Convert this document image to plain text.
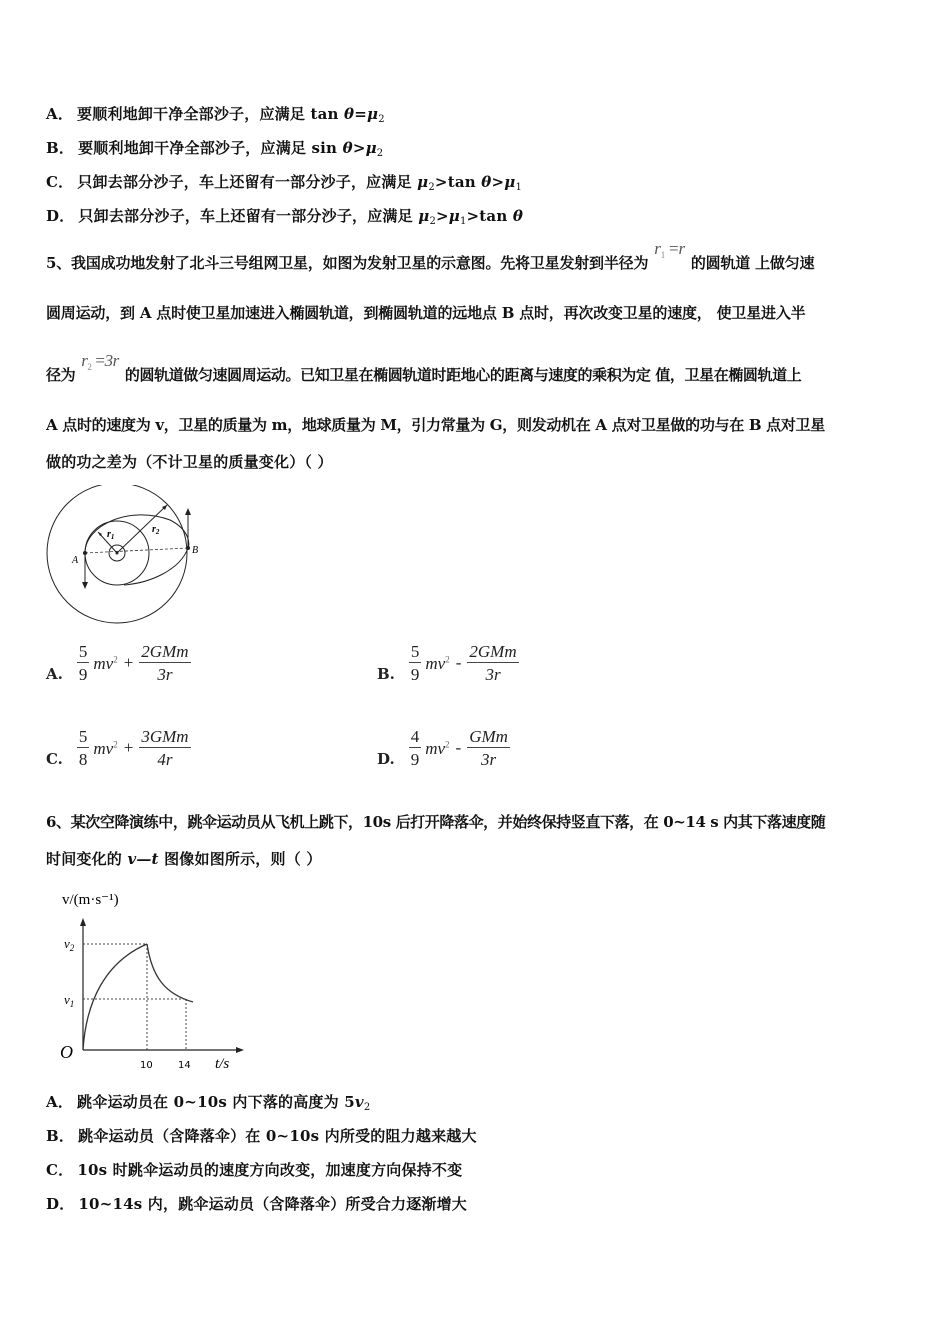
A． 要顺利地卸干净全部沙子，应满足 $\tan \theta=\mu_2$
B． 要顺利地卸干净全部沙子，应满足 $\sin \theta>\mu_2$
C． 只卸去部分沙子，车上还留有一部分沙子，应满足 $\mu_2>\tan$ $\theta>\mu_1$
D． 只卸去部分沙子，车上还留有一部分沙子，应满足 $\mu_2>\mu_1>\tan$ θ
5、我国成功地发射了北斗三号组网卫星，如图为发射卫星的示意图。先将卫星发射到半径为$r_1 =r$的圆轨道 上做匀速
圆周运动，到 A 点时使卫星加速进入椭圆轨道，到椭圆轨道的远地点 B 点时，再次改变卫星的速度， 使卫星进入半
径为$r_2 =3r$的圆轨道做匀速圆周运动。已知卫星在椭圆轨道时距地心的距离与速度的乘积为定 值，卫星在椭圆轨道上
A 点时的速度为 v，卫星的质量为 m，地球质量为 M，引力常量为 G，则发动机在 A 点对卫星做的功与在 B 点对卫星
做的功之差为（不计卫星的质量变化）（ ）
A
B
$r_1$
$r_2$
A. $\frac{5}{9} mv^2 + \frac{\text{2GMm}}{3r}$	B. $\frac{5}{9} mv^2 - \frac{\text{2GMm}}{3r}$
C. $\frac{5}{8} mv^2 + \frac{\text{3GMm}}{4r}$	D. $\frac{4}{9} mv^2 - \frac{\text{GMm}}{3r}$
6、某次空降演练中，跳伞运动员从飞机上跳下，10s 后打开降落伞，并始终保持竖直下落，在 0~14 s 内其下落速度随
时间变化的 v—t 图像如图所示，则（ ）
v/(m·s⁻¹)
O
$v_2$
$v_1$
10	14 t/s
A． 跳伞运动员在 0~10s 内下落的高度为 $5v_2$
B． 跳伞运动员（含降落伞）在 0~10s 内所受的阻力越来越大
C． 10s 时跳伞运动员的速度方向改变，加速度方向保持不变
D． 10~14s 内，跳伞运动员（含降落伞）所受合力逐渐增大
